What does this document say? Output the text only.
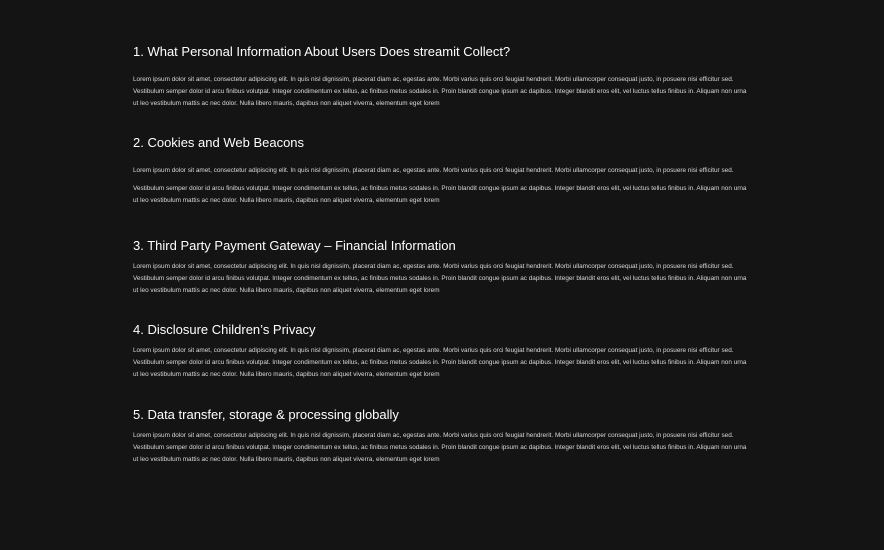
1. What Personal Information About Users Does streamit Collect?

Lorem ipsum dolor sit amet, consectetur adipiscing elit. In quis nisl dignissim, placerat diam ac, egestas ante. Morbi varius quis orci feugiat hendrerit. Morbi ullamcorper consequat justo, in posuere nisi efficitur sed. Vestibulum semper dolor id arcu finibus volutpat. Integer condimentum ex tellus, ac finibus metus sodales in. Proin blandit congue ipsum ac dapibus. Integer blandit eros elit, vel luctus tellus finibus in. Aliquam non urna ut leo vestibulum mattis ac nec dolor. Nulla libero mauris, dapibus non aliquet viverra, elementum eget lorem

2. Cookies and Web Beacons

Lorem ipsum dolor sit amet, consectetur adipiscing elit. In quis nisl dignissim, placerat diam ac, egestas ante. Morbi varius quis orci feugiat hendrerit. Morbi ullamcorper consequat justo, in posuere nisi efficitur sed.

Vestibulum semper dolor id arcu finibus volutpat. Integer condimentum ex tellus, ac finibus metus sodales in. Proin blandit congue ipsum ac dapibus. Integer blandit eros elit, vel luctus tellus finibus in. Aliquam non urna ut leo vestibulum mattis ac nec dolor. Nulla libero mauris, dapibus non aliquet viverra, elementum eget lorem

3. Third Party Payment Gateway – Financial Information

Lorem ipsum dolor sit amet, consectetur adipiscing elit. In quis nisl dignissim, placerat diam ac, egestas ante. Morbi varius quis orci feugiat hendrerit. Morbi ullamcorper consequat justo, in posuere nisi efficitur sed. Vestibulum semper dolor id arcu finibus volutpat. Integer condimentum ex tellus, ac finibus metus sodales in. Proin blandit congue ipsum ac dapibus. Integer blandit eros elit, vel luctus tellus finibus in. Aliquam non urna ut leo vestibulum mattis ac nec dolor. Nulla libero mauris, dapibus non aliquet viverra, elementum eget lorem

4. Disclosure Children’s Privacy

Lorem ipsum dolor sit amet, consectetur adipiscing elit. In quis nisl dignissim, placerat diam ac, egestas ante. Morbi varius quis orci feugiat hendrerit. Morbi ullamcorper consequat justo, in posuere nisi efficitur sed. Vestibulum semper dolor id arcu finibus volutpat. Integer condimentum ex tellus, ac finibus metus sodales in. Proin blandit congue ipsum ac dapibus. Integer blandit eros elit, vel luctus tellus finibus in. Aliquam non urna ut leo vestibulum mattis ac nec dolor. Nulla libero mauris, dapibus non aliquet viverra, elementum eget lorem

5. Data transfer, storage & processing globally

Lorem ipsum dolor sit amet, consectetur adipiscing elit. In quis nisl dignissim, placerat diam ac, egestas ante. Morbi varius quis orci feugiat hendrerit. Morbi ullamcorper consequat justo, in posuere nisi efficitur sed. Vestibulum semper dolor id arcu finibus volutpat. Integer condimentum ex tellus, ac finibus metus sodales in. Proin blandit congue ipsum ac dapibus. Integer blandit eros elit, vel luctus tellus finibus in. Aliquam non urna ut leo vestibulum mattis ac nec dolor. Nulla libero mauris, dapibus non aliquet viverra, elementum eget lorem
